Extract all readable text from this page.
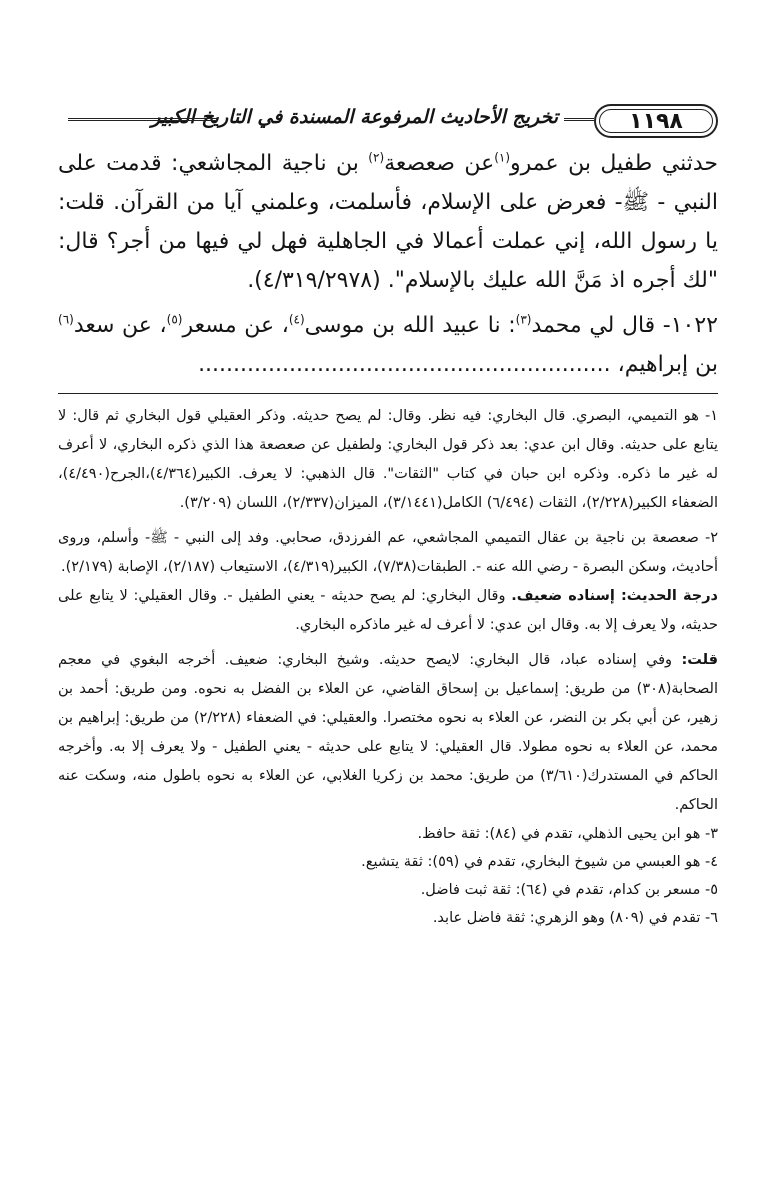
١١٩٨
تخريج الأحاديث المرفوعة المسندة في التاريخ الكبير

حدثني طفيل بن عمرو$^{(١)}$عن صعصعة$^{(٢)}$ بن ناجية المجاشعي: قدمت على النبي - ﷺ- فعرض على الإسلام، فأسلمت، وعلمني آيا من القرآن. قلت: يا رسول الله، إني عملت أعمالا في الجاهلية فهل لي فيها من أجر؟ قال: "لك أجره اذ مَنَّ الله عليك بالإسلام". (٤/٣١٩/٢٩٧٨).

١٠٢٢- قال لي محمد$^{(٣)}$: نا عبيد الله بن موسى$^{(٤)}$، عن مسعر$^{(٥)}$، عن سعد$^{(٦)}$ بن إبراهيم، ...........................................................

١- هو التميمي، البصري. قال البخاري: فيه نظر. وقال: لم يصح حديثه. وذكر العقيلي قول البخاري ثم قال: لا يتابع على حديثه. وقال ابن عدي: بعد ذكر قول البخاري: ولطفيل عن صعصعة هذا الذي ذكره البخاري، لا أعرف له غير ما ذكره. وذكره ابن حبان في كتاب "الثقات". قال الذهبي: لا يعرف. الكبير(٤/٣٦٤)،الجرح(٤/٤٩٠)، الضعفاء الكبير(٢/٢٢٨)، الثقات (٦/٤٩٤) الكامل(٣/١٤٤١)، الميزان(٢/٣٣٧)، اللسان (٣/٢٠٩).

٢- صعصعة بن ناجية بن عقال التميمي المجاشعي، عم الفرزدق، صحابي. وفد إلى النبي - ﷺ- وأسلم، وروى أحاديث، وسكن البصرة - رضي الله عنه -. الطبقات(٧/٣٨)، الكبير(٤/٣١٩)، الاستيعاب (٢/١٨٧)، الإصابة (٢/١٧٩).

درجة الحديث: إسناده ضعيف. وقال البخاري: لم يصح حديثه - يعني الطفيل -. وقال العقيلي: لا يتابع على حديثه، ولا يعرف إلا به. وقال ابن عدي: لا أعرف له غير ماذكره البخاري.

قلت: وفي إسناده عباد، قال البخاري: لايصح حديثه. وشيخ البخاري: ضعيف. أخرجه البغوي في معجم الصحابة(٣٠٨) من طريق: إسماعيل بن إسحاق القاضي، عن العلاء بن الفضل به نحوه. ومن طريق: أحمد بن زهير، عن أبي بكر بن النضر، عن العلاء به نحوه مختصرا. والعقيلي: في الضعفاء (٢/٢٢٨) من طريق: إبراهيم بن محمد، عن العلاء به نحوه مطولا. قال العقيلي: لا يتابع على حديثه - يعني الطفيل - ولا يعرف إلا به. وأخرجه الحاكم في المستدرك(٣/٦١٠) من طريق: محمد بن زكريا الغلابي، عن العلاء به نحوه باطول منه، وسكت عنه الحاكم.

٣- هو ابن يحيى الذهلي، تقدم في (٨٤): ثقة حافظ.

٤- هو العبسي من شيوخ البخاري، تقدم في (٥٩): ثقة يتشيع.

٥- مسعر بن كدام، تقدم في (٦٤): ثقة ثبت فاضل.

٦- تقدم في (٨٠٩) وهو الزهري: ثقة فاضل عابد.
